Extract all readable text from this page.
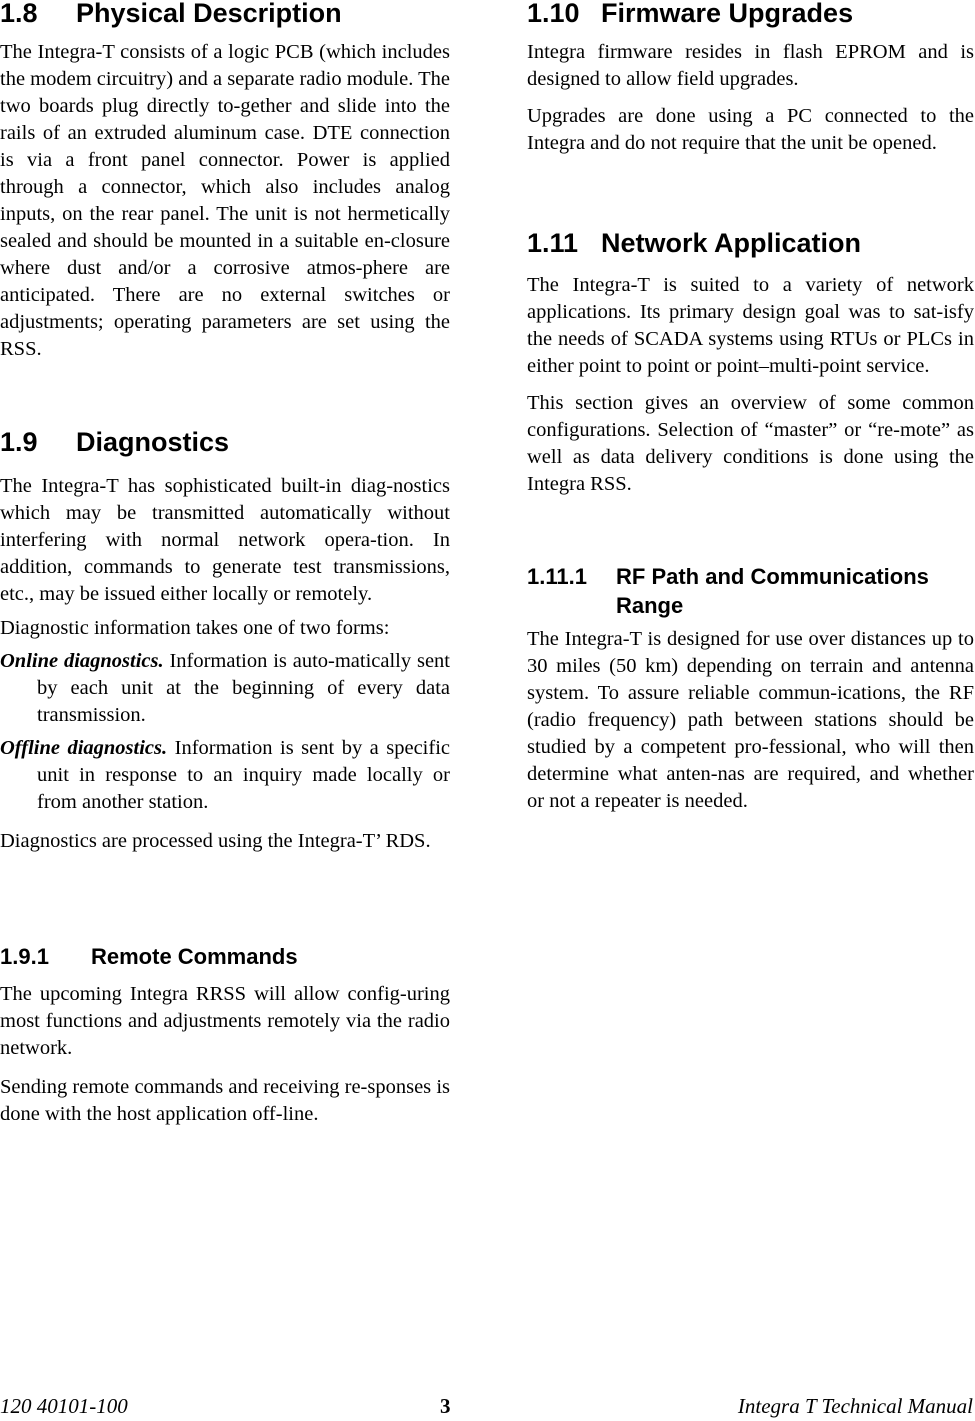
1.8	Physical Description

The Integra-T consists of a logic PCB (which includes the modem circuitry) and a separate radio module. The two boards plug directly to-gether and slide into the rails of an extruded aluminum case. DTE connection is via a front panel connector. Power is applied through a connector, which also includes analog inputs, on the rear panel. The unit is not hermetically sealed and should be mounted in a suitable en-closure where dust and/or a corrosive atmos-phere are anticipated. There are no external switches or adjustments; operating parameters are set using the RSS.

1.9	Diagnostics

The Integra-T has sophisticated built-in diag-nostics which may be transmitted automatically without interfering with normal network opera-tion. In addition, commands to generate test transmissions, etc., may be issued either locally or remotely.

Diagnostic information takes one of two forms:

Online diagnostics. Information is auto-matically sent by each unit at the beginning of every data transmission.

Offline diagnostics. Information is sent by a specific unit in response to an inquiry made locally or from another station.

Diagnostics are processed using the Integra-T’ RDS.

1.9.1	Remote Commands

The upcoming Integra RRSS will allow config-uring most functions and adjustments remotely via the radio network.

Sending remote commands and receiving re-sponses is done with the host application off-line.

1.10 Firmware Upgrades

Integra firmware resides in flash EPROM and is designed to allow field upgrades.

Upgrades are done using a PC connected to the Integra and do not require that the unit be opened.

1.11 Network Application

The Integra-T is suited to a variety of network applications. Its primary design goal was to sat-isfy the needs of SCADA systems using RTUs or PLCs in either point to point or point–multi-point service.

This section gives an overview of some common configurations. Selection of “master” or “re-mote” as well as data delivery conditions is done using the Integra RSS.

1.11.1	RF Path and Communications Range

The Integra-T is designed for use over distances up to 30 miles (50 km) depending on terrain and antenna system. To assure reliable commun-ications, the RF (radio frequency) path between stations should be studied by a competent pro-fessional, who will then determine what anten-nas are required, and whether or not a repeater is needed.

120 40101-100	3	Integra T Technical Manual
